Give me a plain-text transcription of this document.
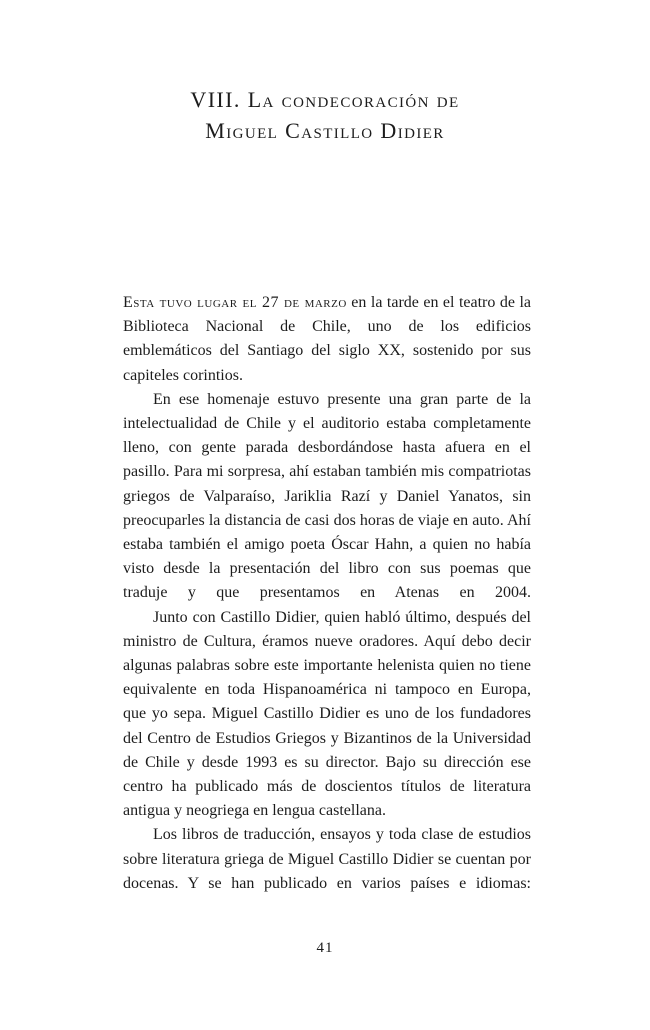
VIII. La condecoración de
Miguel Castillo Didier

Esta tuvo lugar el 27 de marzo en la tarde en el teatro de la Biblioteca Nacional de Chile, uno de los edificios emblemáticos del Santiago del siglo XX, sostenido por sus capiteles corintios.

En ese homenaje estuvo presente una gran parte de la intelectualidad de Chile y el auditorio estaba completamente lleno, con gente parada desbordándose hasta afuera en el pasillo. Para mi sorpresa, ahí estaban también mis compatriotas griegos de Valparaíso, Jariklia Razí y Daniel Yanatos, sin preocuparles la distancia de casi dos horas de viaje en auto. Ahí estaba también el amigo poeta Óscar Hahn, a quien no había visto desde la presentación del libro con sus poemas que traduje y que presentamos en Atenas en 2004.

Junto con Castillo Didier, quien habló último, después del ministro de Cultura, éramos nueve oradores. Aquí debo decir algunas palabras sobre este importante helenista quien no tiene equivalente en toda Hispanoamérica ni tampoco en Europa, que yo sepa. Miguel Castillo Didier es uno de los fundadores del Centro de Estudios Griegos y Bizantinos de la Universidad de Chile y desde 1993 es su director. Bajo su dirección ese centro ha publicado más de doscientos títulos de literatura antigua y neogriega en lengua castellana.

Los libros de traducción, ensayos y toda clase de estudios sobre literatura griega de Miguel Castillo Didier se cuentan por docenas. Y se han publicado en varios países e idiomas:

41
